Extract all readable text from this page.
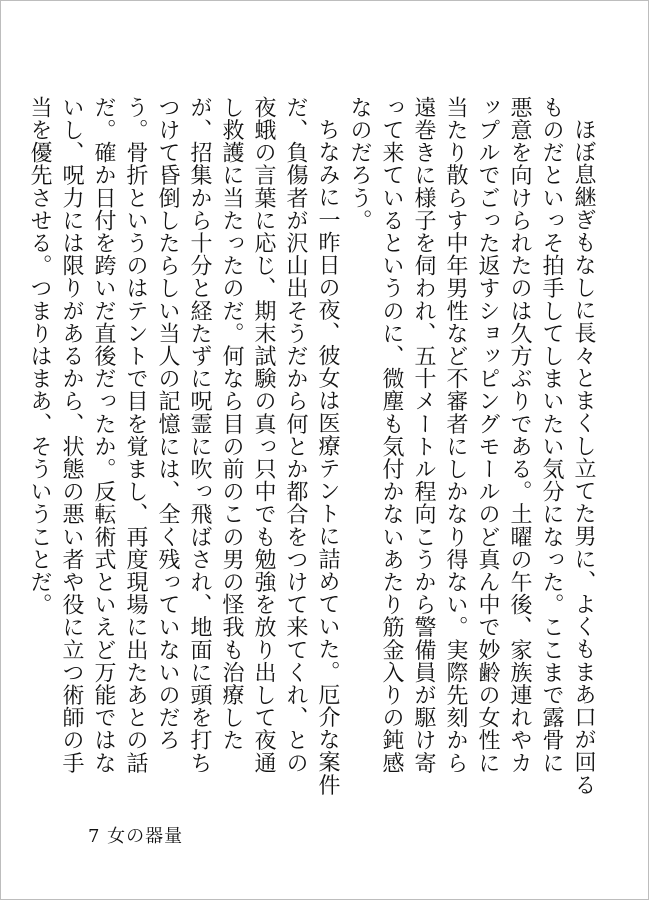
ほぼ息継ぎもなしに長々とまくし立てた男に、よくもまあ口が回るものだといっそ拍手してしまいたい気分になった。ここまで露骨に悪意を向けられたのは久方ぶりである。土曜の午後、家族連れやカップルでごった返すショッピングモールのど真ん中で妙齢の女性に当たり散らす中年男性など不審者にしかなり得ない。実際先刻から遠巻きに様子を伺われ、五十メートル程向こうから警備員が駆け寄って来ているというのに、微塵も気付かないあたり筋金入りの鈍感なのだろう。

ちなみに一昨日の夜、彼女は医療テントに詰めていた。厄介な案件だ、負傷者が沢山出そうだから何とか都合をつけて来てくれ、との夜蛾の言葉に応じ、期末試験の真っ只中でも勉強を放り出して夜通し救護に当たったのだ。何なら目の前のこの男の怪我も治療したが、招集から十分と経たずに呪霊に吹っ飛ばされ、地面に頭を打ちつけて昏倒したらしい当人の記憶には、全く残っていないのだろう。骨折というのはテントで目を覚まし、再度現場に出たあとの話だ。確か日付を跨いだ直後だったか。反転術式といえど万能ではないし、呪力には限りがあるから、状態の悪い者や役に立つ術師の手当を優先させる。つまりはまあ、そういうことだ。

7 女の器量
